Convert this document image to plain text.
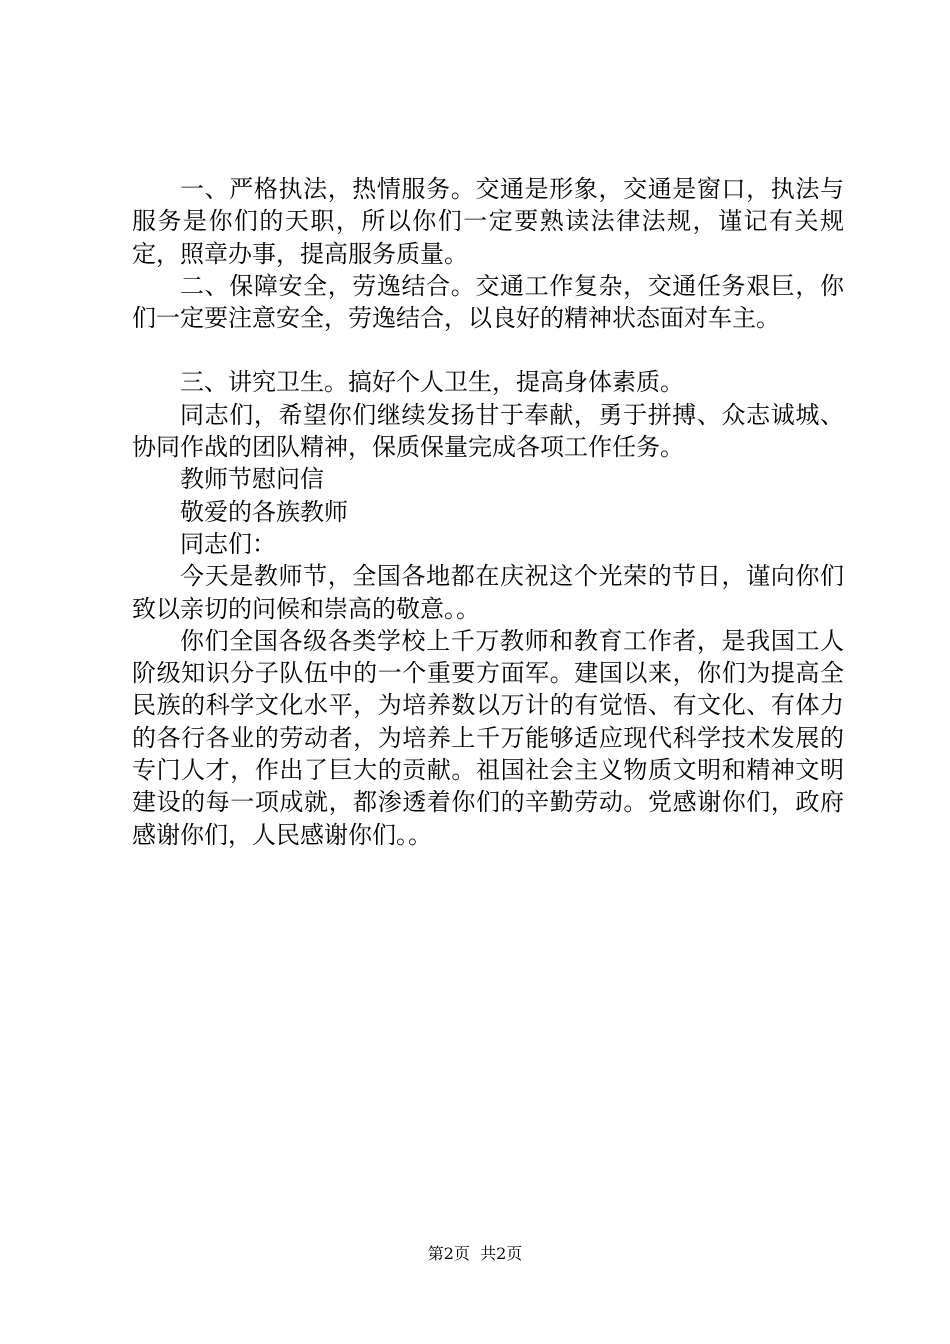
一、严格执法，热情服务。交通是形象，交通是窗口，执法与服务是你们的天职，所以你们一定要熟读法律法规，谨记有关规定，照章办事，提高服务质量。

二、保障安全，劳逸结合。交通工作复杂，交通任务艰巨，你们一定要注意安全，劳逸结合，以良好的精神状态面对车主。

三、讲究卫生。搞好个人卫生，提高身体素质。

同志们，希望你们继续发扬甘于奉献，勇于拼搏、众志诚城、协同作战的团队精神，保质保量完成各项工作任务。

教师节慰问信

敬爱的各族教师

同志们：

今天是教师节，全国各地都在庆祝这个光荣的节日，谨向你们致以亲切的问候和崇高的敬意。。

你们全国各级各类学校上千万教师和教育工作者，是我国工人阶级知识分子队伍中的一个重要方面军。建国以来，你们为提高全民族的科学文化水平，为培养数以万计的有觉悟、有文化、有体力的各行各业的劳动者，为培养上千万能够适应现代科学技术发展的专门人才，作出了巨大的贡献。祖国社会主义物质文明和精神文明建设的每一项成就，都渗透着你们的辛勤劳动。党感谢你们，政府感谢你们，人民感谢你们。。

第2页  共2页
